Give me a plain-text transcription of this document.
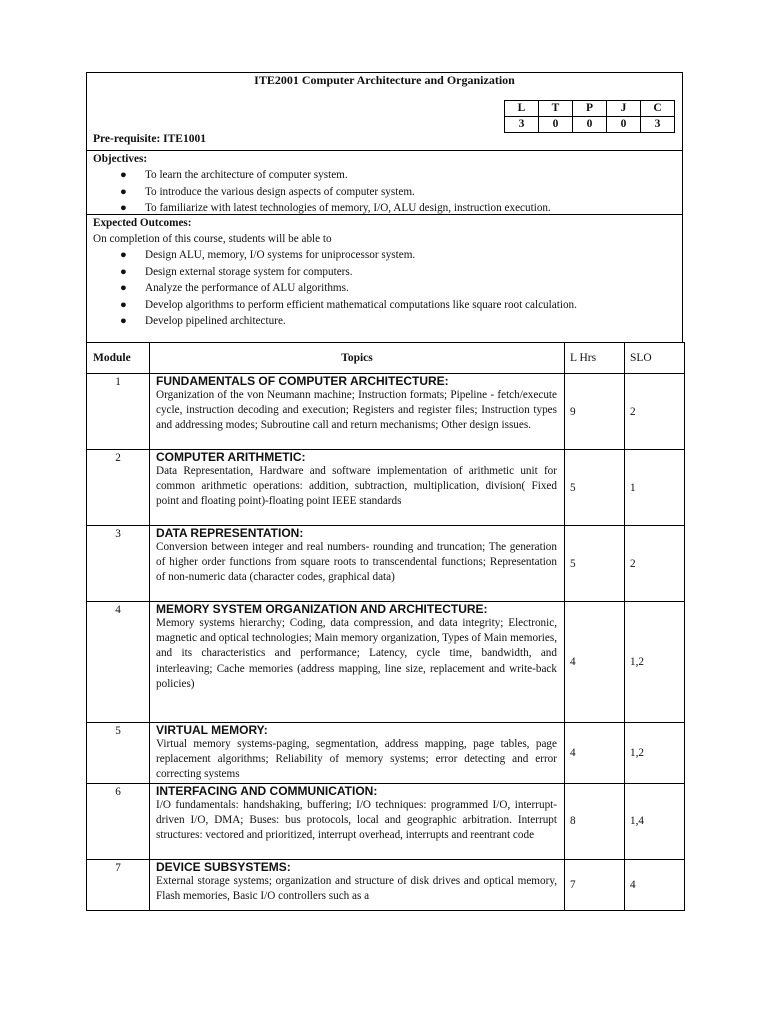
ITE2001 Computer Architecture and Organization
L	T	P	J	C
3	0	0	0	3
Pre-requisite: ITE1001
Objectives:
● To learn the architecture of computer system.
● To introduce the various design aspects of computer system.
● To familiarize with latest technologies of memory, I/O, ALU design, instruction execution.
Expected Outcomes:
On completion of this course, students will be able to
● Design ALU, memory, I/O systems for uniprocessor system.
● Design external storage system for computers.
● Analyze the performance of ALU algorithms.
● Develop algorithms to perform efficient mathematical computations like square root calculation.
● Develop pipelined architecture.
Module	Topics	L Hrs	SLO
1	FUNDAMENTALS OF COMPUTER ARCHITECTURE:
Organization of the von Neumann machine; Instruction formats; Pipeline - fetch/execute cycle, instruction decoding and execution; Registers and register files; Instruction types and addressing modes; Subroutine call and return mechanisms; Other design issues.	9	2
2	COMPUTER ARITHMETIC:
Data Representation, Hardware and software implementation of arithmetic unit for common arithmetic operations: addition, subtraction, multiplication, division( Fixed point and floating point)-floating point IEEE standards	5	1
3	DATA REPRESENTATION:
Conversion between integer and real numbers- rounding and truncation; The generation of higher order functions from square roots to transcendental functions; Representation of non-numeric data (character codes, graphical data)	5	2
4	MEMORY SYSTEM ORGANIZATION AND ARCHITECTURE:
Memory systems hierarchy; Coding, data compression, and data integrity; Electronic, magnetic and optical technologies; Main memory organization, Types of Main memories, and its characteristics and performance; Latency, cycle time, bandwidth, and interleaving; Cache memories (address mapping, line size, replacement and write-back policies)	4	1,2
5	VIRTUAL MEMORY:
Virtual memory systems-paging, segmentation, address mapping, page tables, page replacement algorithms; Reliability of memory systems; error detecting and error correcting systems	4	1,2
6	INTERFACING AND COMMUNICATION:
I/O fundamentals: handshaking, buffering; I/O techniques: programmed I/O, interrupt-driven I/O, DMA; Buses: bus protocols, local and geographic arbitration. Interrupt structures: vectored and prioritized, interrupt overhead, interrupts and reentrant code	8	1,4
7	DEVICE SUBSYSTEMS:
External storage systems; organization and structure of disk drives and optical memory, Flash memories, Basic I/O controllers such as a	7	4
